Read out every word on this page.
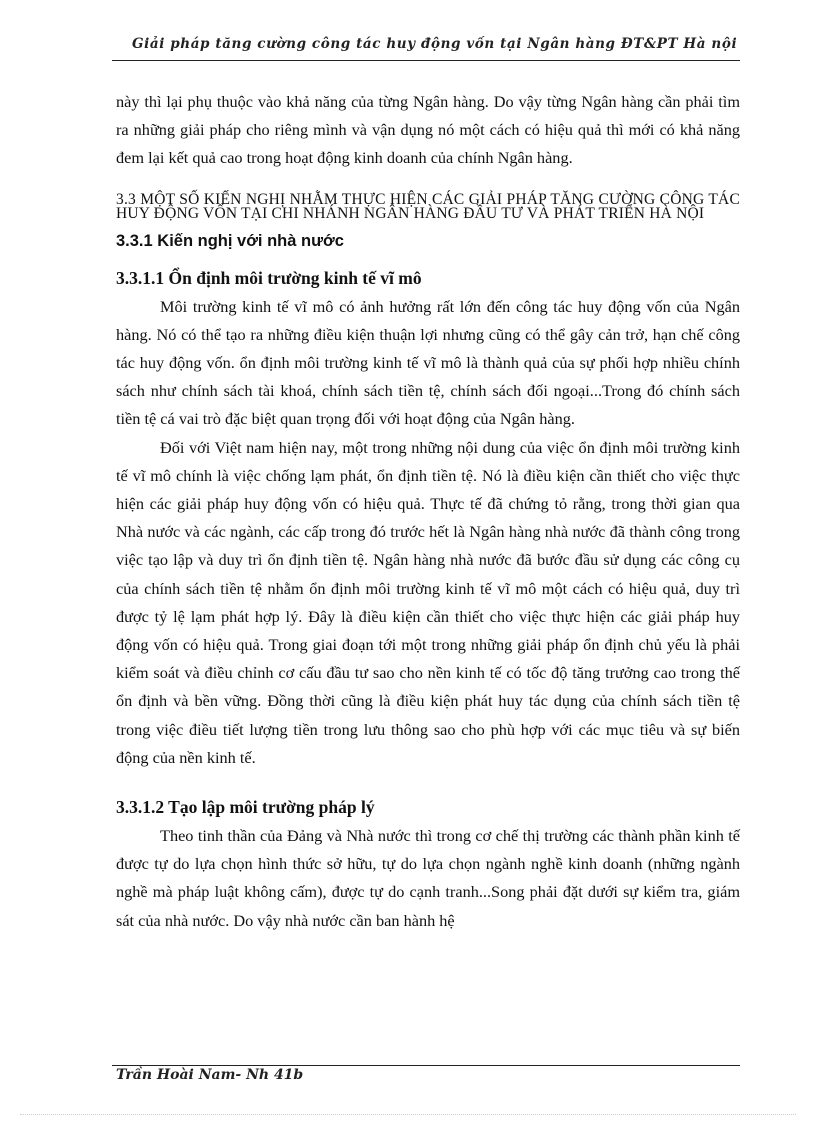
Giải pháp tăng cường công tác huy động vốn tại Ngân hàng ĐT&PT Hà nội

này thì lại phụ thuộc vào khả năng của từng Ngân hàng. Do vậy từng Ngân hàng cần phải tìm ra những giải pháp cho riêng mình và vận dụng nó một cách có hiệu quả thì mới có khả năng đem lại kết quả cao trong hoạt động kinh doanh của chính Ngân hàng.

3.3 MỘT SỐ KIẾN NGHỊ NHẰM THỰC HIỆN CÁC GIẢI PHÁP TĂNG CƯỜNG CÔNG TÁC HUY ĐỘNG VỐN TẠI CHI NHÁNH NGÂN HÀNG ĐẦU TƯ VÀ PHÁT TRIỂN HÀ NỘI
3.3.1 Kiến nghị với nhà nước
3.3.1.1 Ổn định môi trường kinh tế vĩ mô

Môi trường kinh tế vĩ mô có ảnh hưởng rất lớn đến công tác huy động vốn của Ngân hàng. Nó có thể tạo ra những điều kiện thuận lợi nhưng cũng có thể gây cản trở, hạn chế công tác huy động vốn. ổn định môi trường kinh tế vĩ mô là thành quả của sự phối hợp nhiều chính sách như chính sách tài khoá, chính sách tiền tệ, chính sách đối ngoại...Trong đó chính sách tiền tệ cá vai trò đặc biệt quan trọng đối với hoạt động của Ngân hàng.

Đối với Việt nam hiện nay, một trong những nội dung của việc ổn định môi trường kinh tế vĩ mô chính là việc chống lạm phát, ổn định tiền tệ. Nó là điều kiện cần thiết cho việc thực hiện các giải pháp huy động vốn có hiệu quả. Thực tế đã chứng tỏ rằng, trong thời gian qua Nhà nước và các ngành, các cấp trong đó trước hết là Ngân hàng nhà nước đã thành công trong việc tạo lập và duy trì ổn định tiền tệ. Ngân hàng nhà nước đã bước đầu sử dụng các công cụ của chính sách tiền tệ nhằm ổn định môi trường kinh tế vĩ mô một cách có hiệu quả, duy trì được tỷ lệ lạm phát hợp lý. Đây là điều kiện cần thiết cho việc thực hiện các giải pháp huy động vốn có hiệu quả. Trong giai đoạn tới một trong những giải pháp ổn định chủ yếu là phải kiểm soát và điều chỉnh cơ cấu đầu tư sao cho nền kinh tế có tốc độ tăng trưởng cao trong thế ổn định và bền vững. Đồng thời cũng là điều kiện phát huy tác dụng của chính sách tiền tệ trong việc điều tiết lượng tiền trong lưu thông sao cho phù hợp với các mục tiêu và sự biến động của nền kinh tế.

3.3.1.2 Tạo lập môi trường pháp lý

Theo tinh thần của Đảng và Nhà nước thì trong cơ chế thị trường các thành phần kinh tế được tự do lựa chọn hình thức sở hữu, tự do lựa chọn ngành nghề kinh doanh (những ngành nghề mà pháp luật không cấm), được tự do cạnh tranh...Song phải đặt dưới sự kiểm tra, giám sát của nhà nước. Do vậy nhà nước cần ban hành hệ

Trần Hoài Nam- Nh 41b
